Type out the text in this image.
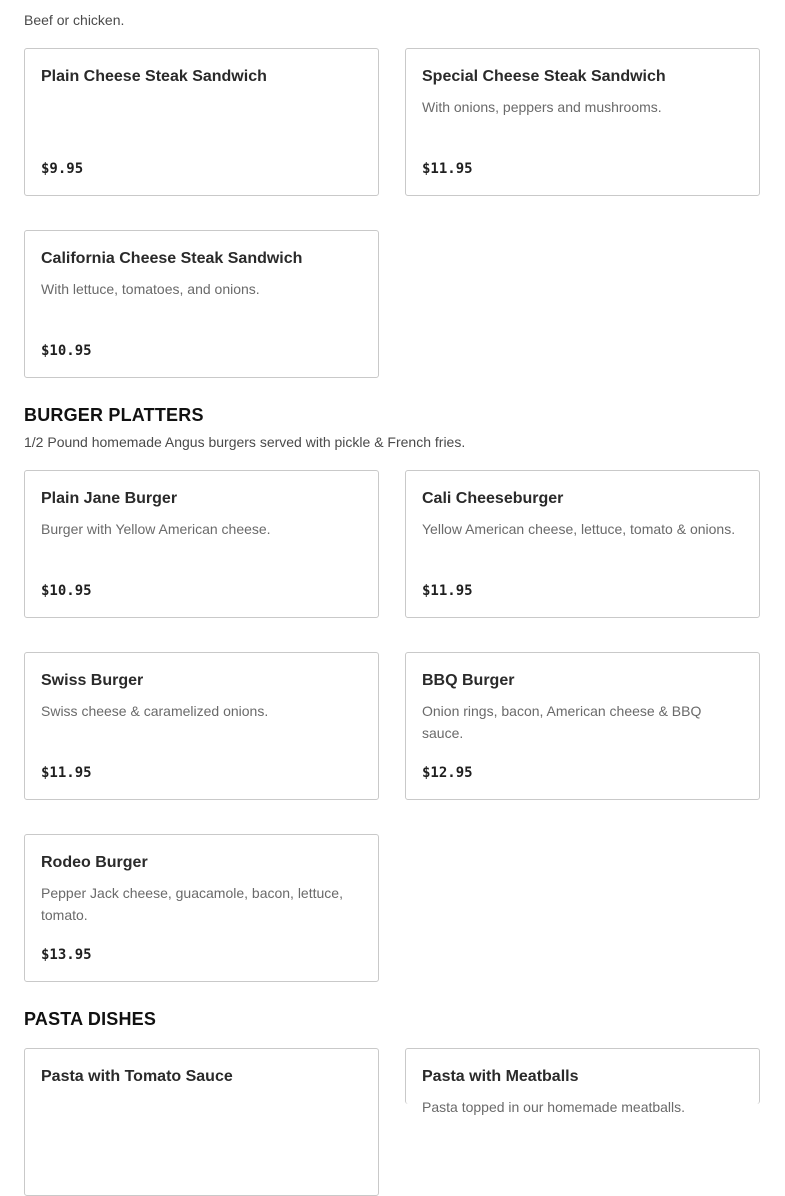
Beef or chicken.
Plain Cheese Steak Sandwich
$9.95
Special Cheese Steak Sandwich
With onions, peppers and mushrooms.
$11.95
California Cheese Steak Sandwich
With lettuce, tomatoes, and onions.
$10.95
BURGER PLATTERS
1/2 Pound homemade Angus burgers served with pickle & French fries.
Plain Jane Burger
Burger with Yellow American cheese.
$10.95
Cali Cheeseburger
Yellow American cheese, lettuce, tomato & onions.
$11.95
Swiss Burger
Swiss cheese & caramelized onions.
$11.95
BBQ Burger
Onion rings, bacon, American cheese & BBQ sauce.
$12.95
Rodeo Burger
Pepper Jack cheese, guacamole, bacon, lettuce, tomato.
$13.95
PASTA DISHES
Pasta with Tomato Sauce	Pasta with Meatballs
Pasta topped in our homemade meatballs.
